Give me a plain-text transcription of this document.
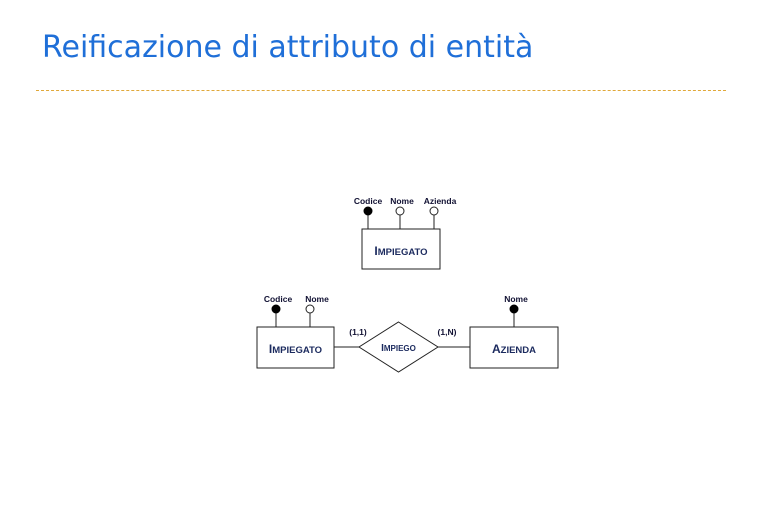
Reificazione di attributo di entità
Codice Nome Azienda
IMPIEGATO
Codice Nome
IMPIEGATO
(1,1)	(1,N)
IMPIEGO
Nome
AZIENDA
